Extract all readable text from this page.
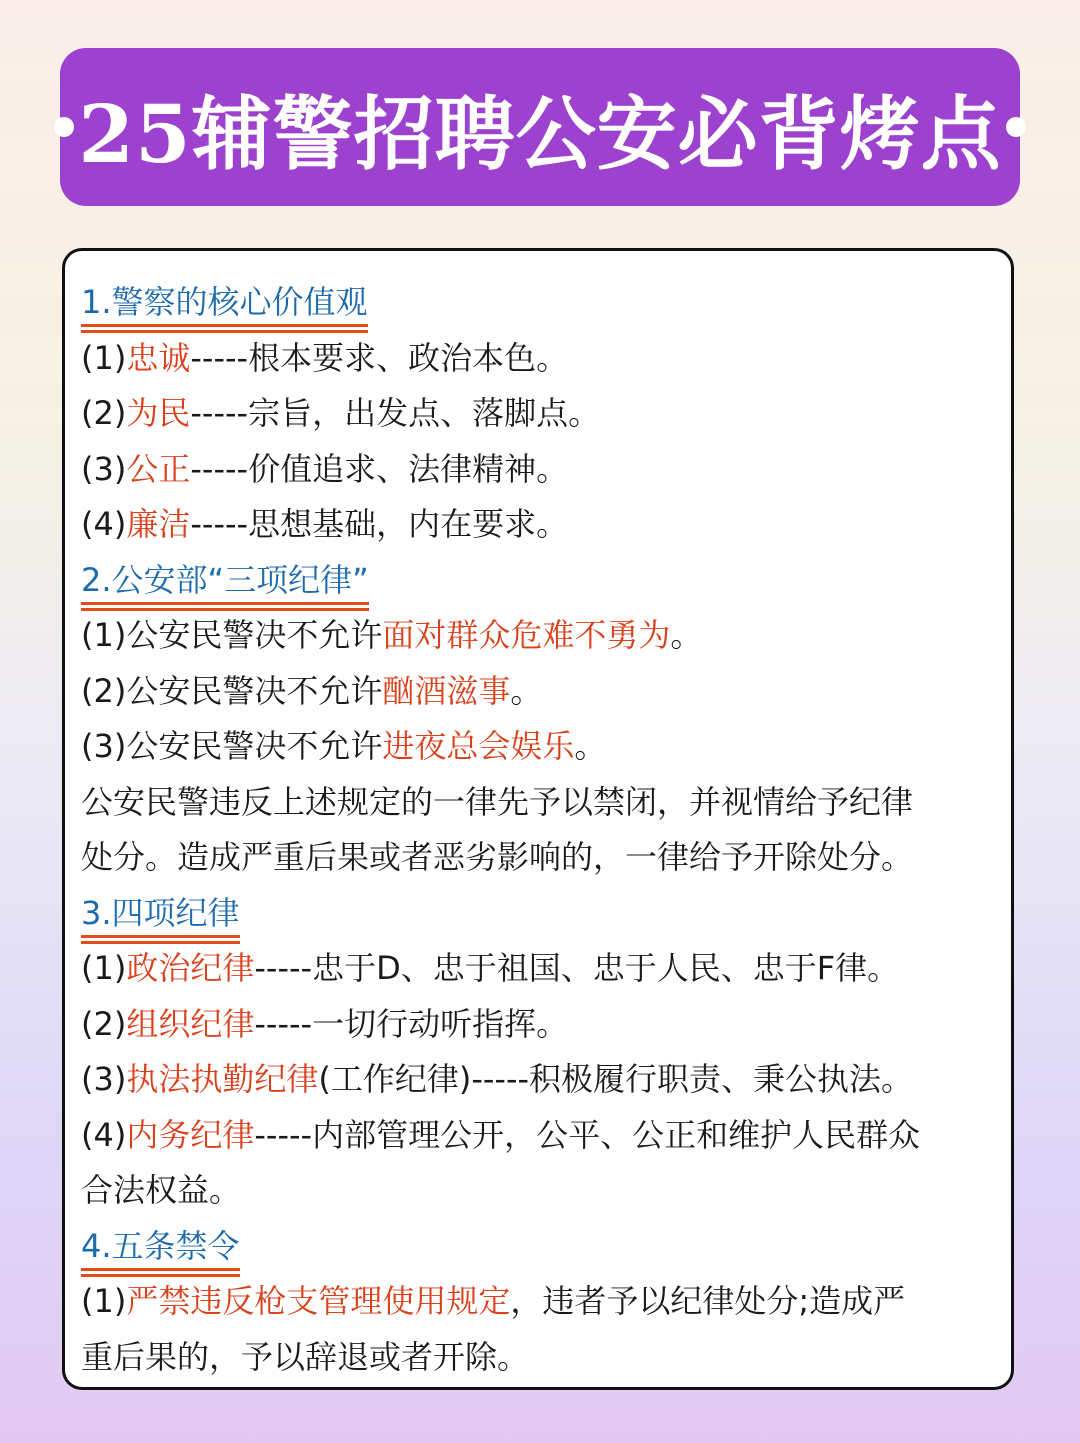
25辅警招聘公安必背烤点
1.警察的核心价值观
(1)忠诚-----根本要求、政治本色。
(2)为民-----宗旨，出发点、落脚点。
(3)公正-----价值追求、法律精神。
(4)廉洁-----思想基础，内在要求。
2.公安部“三项纪律”
(1)公安民警决不允许面对群众危难不勇为。
(2)公安民警决不允许酗酒滋事。
(3)公安民警决不允许进夜总会娱乐。
公安民警违反上述规定的一律先予以禁闭，并视情给予纪律
处分。造成严重后果或者恶劣影响的，一律给予开除处分。
3.四项纪律
(1)政治纪律-----忠于D、忠于祖国、忠于人民、忠于F律。
(2)组织纪律-----一切行动听指挥。
(3)执法执勤纪律(工作纪律)-----积极履行职责、秉公执法。
(4)内务纪律-----内部管理公开，公平、公正和维护人民群众
合法权益。
4.五条禁令
(1)严禁违反枪支管理使用规定，违者予以纪律处分;造成严
重后果的，予以辞退或者开除。
